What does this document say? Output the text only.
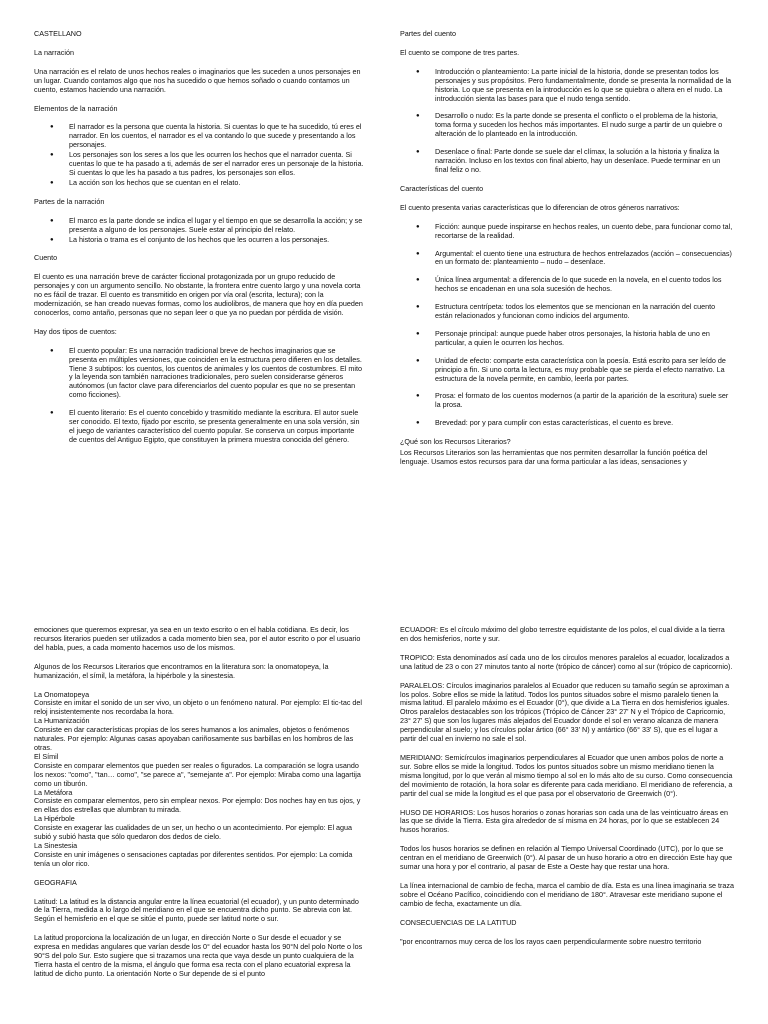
CASTELLANO
La narración

Una narración es el relato de unos hechos reales o imaginarios que les suceden a unos personajes en un lugar. Cuando contamos algo que nos ha sucedido o que hemos soñado o cuando contamos un cuento, estamos haciendo una narración.

Elementos de la narración
● El narrador es la persona que cuenta la historia. Si cuentas lo que te ha sucedido, tú eres el narrador. En los cuentos, el narrador es el va contando lo que sucede y presentando a los personajes.
● Los personajes son los seres a los que les ocurren los hechos que el narrador cuenta. Si cuentas lo que te ha pasado a ti, además de ser el narrador eres un personaje de la historia. Si cuentas lo que les ha pasado a tus padres, los personajes son ellos.
● La acción son los hechos que se cuentan en el relato.
Partes de la narración
● El marco es la parte donde se indica el lugar y el tiempo en que se desarrolla la acción; y se presenta a alguno de los personajes. Suele estar al principio del relato.
● La historia o trama es el conjunto de los hechos que les ocurren a los personajes.
Cuento

El cuento es una narración breve de carácter ficcional protagonizada por un grupo reducido de personajes y con un argumento sencillo. No obstante, la frontera entre cuento largo y una novela corta no es fácil de trazar. El cuento es transmitido en origen por vía oral (escrita, lectura); con la modernización, se han creado nuevas formas, como los audiolibros, de manera que hoy en día pueden conocerlos, como antaño, personas que no sepan leer o que ya no puedan por pérdida de visión.

Hay dos tipos de cuentos:
● El cuento popular: Es una narración tradicional breve de hechos imaginarios que se presenta en múltiples versiones, que coinciden en la estructura pero difieren en los detalles. Tiene 3 subtipos: los cuentos, los cuentos de animales y los cuentos de costumbres. El mito y la leyenda son también narraciones tradicionales, pero suelen considerarse géneros autónomos (un factor clave para diferenciarlos del cuento popular es que no se presentan como ficciones).
● El cuento literario: Es el cuento concebido y trasmitido mediante la escritura. El autor suele ser conocido. El texto, fijado por escrito, se presenta generalmente en una sola versión, sin el juego de variantes característico del cuento popular. Se conserva un corpus importante de cuentos del Antiguo Egipto, que constituyen la primera muestra conocida del género.
Partes del cuento

El cuento se compone de tres partes.

● Introducción o planteamiento: La parte inicial de la historia, donde se presentan todos los personajes y sus propósitos. Pero fundamentalmente, donde se presenta la normalidad de la historia. Lo que se presenta en la introducción es lo que se quiebra o altera en el nudo. La introducción sienta las bases para que el nudo tenga sentido.
● Desarrollo o nudo: Es la parte donde se presenta el conflicto o el problema de la historia, toma forma y suceden los hechos más importantes. El nudo surge a partir de un quiebre o alteración de lo planteado en la introducción.
● Desenlace o final: Parte donde se suele dar el clímax, la solución a la historia y finaliza la narración. Incluso en los textos con final abierto, hay un desenlace. Puede terminar en un final feliz o no.
Características del cuento

El cuento presenta varias características que lo diferencian de otros géneros narrativos:

● Ficción: aunque puede inspirarse en hechos reales, un cuento debe, para funcionar como tal, recortarse de la realidad.
● Argumental: el cuento tiene una estructura de hechos entrelazados (acción – consecuencias) en un formato de: planteamiento – nudo – desenlace.
● Única línea argumental: a diferencia de lo que sucede en la novela, en el cuento todos los hechos se encadenan en una sola sucesión de hechos.
● Estructura centrípeta: todos los elementos que se mencionan en la narración del cuento están relacionados y funcionan como indicios del argumento.
● Personaje principal: aunque puede haber otros personajes, la historia habla de uno en particular, a quien le ocurren los hechos.
● Unidad de efecto: comparte esta característica con la poesía. Está escrito para ser leído de principio a fin. Si uno corta la lectura, es muy probable que se pierda el efecto narrativo. La estructura de la novela permite, en cambio, leerla por partes.
● Prosa: el formato de los cuentos modernos (a partir de la aparición de la escritura) suele ser la prosa.
● Brevedad: por y para cumplir con estas características, el cuento es breve.
¿Qué son los Recursos Literarios?

Los Recursos Literarios son las herramientas que nos permiten desarrollar la función poética del lenguaje. Usamos estos recursos para dar una forma particular a las ideas, sensaciones y

emociones que queremos expresar, ya sea en un texto escrito o en el habla cotidiana. Es decir, los recursos literarios pueden ser utilizados a cada momento bien sea, por el autor escrito o por el usuario del habla, pues, a cada momento hacemos uso de los mismos.

Algunos de los Recursos Literarios que encontramos en la literatura son: la onomatopeya, la humanización, el símil, la metáfora, la hipérbole y la sinestesia.

La Onomatopeya

Consiste en imitar el sonido de un ser vivo, un objeto o un fenómeno natural. Por ejemplo: El tic-tac del reloj insistentemente nos recordaba la hora.

La Humanización

Consiste en dar características propias de los seres humanos a los animales, objetos o fenómenos naturales. Por ejemplo: Algunas casas apoyaban cariñosamente sus barbillas en los hombros de las otras.

El Símil

Consiste en comparar elementos que pueden ser reales o figurados. La comparación se logra usando los nexos: "como", "tan… como", "se parece a", "semejante a". Por ejemplo: Miraba como una lagartija como un tiburón.

La Metáfora

Consiste en comparar elementos, pero sin emplear nexos. Por ejemplo: Dos noches hay en tus ojos, y en ellas dos estrellas que alumbran tu mirada.

La Hipérbole

Consiste en exagerar las cualidades de un ser, un hecho o un acontecimiento. Por ejemplo: El agua subió y subió hasta que sólo quedaron dos dedos de cielo.

La Sinestesia

Consiste en unir imágenes o sensaciones captadas por diferentes sentidos. Por ejemplo: La comida tenía un olor rico.

GEOGRAFIA

Latitud: La latitud es la distancia angular entre la línea ecuatorial (el ecuador), y un punto determinado de la Tierra, medida a lo largo del meridiano en el que se encuentra dicho punto. Se abrevia con lat. Según el hemisferio en el que se sitúe el punto, puede ser latitud norte o sur.

La latitud proporciona la localización de un lugar, en dirección Norte o Sur desde el ecuador y se expresa en medidas angulares que varían desde los 0° del ecuador hasta los 90°N del polo Norte o los 90°S del polo Sur. Esto sugiere que si trazamos una recta que vaya desde un punto cualquiera de la Tierra hasta el centro de la misma, el ángulo que forma esa recta con el plano ecuatorial expresa la latitud de dicho punto. La orientación Norte o Sur depende de si el punto

ECUADOR: Es el círculo máximo del globo terrestre equidistante de los polos, el cual divide a la tierra en dos hemisferios, norte y sur.

TROPICO: Esta denominados así cada uno de los círculos menores paralelos al ecuador, localizados a una latitud de 23 o con 27 minutos tanto al norte (trópico de cáncer) como al sur (trópico de capricornio).

PARALELOS: Círculos imaginarios paralelos al Ecuador que reducen su tamaño según se aproximan a los polos. Sobre ellos se mide la latitud. Todos los puntos situados sobre el mismo paralelo tienen la misma latitud. El paralelo máximo es el Ecuador (0°), que divide a La Tierra en dos hemisferios iguales. Otros paralelos destacables son los trópicos (Trópico de Cáncer 23° 27' N y el Trópico de Capricornio, 23° 27' S) que son los lugares más alejados del Ecuador donde el sol en verano alcanza de manera perpendicular al suelo; y los círculos polar ártico (66° 33' N) y antártico (66° 33' S), que es el lugar a partir del cual en invierno no sale el sol.

MERIDIANO: Semicírculos imaginarios perpendiculares al Ecuador que unen ambos polos de norte a sur. Sobre ellos se mide la longitud. Todos los puntos situados sobre un mismo meridiano tienen la misma longitud, por lo que verán al mismo tiempo al sol en lo más alto de su curso. Como consecuencia del movimiento de rotación, la hora solar es diferente para cada meridiano. El meridiano de referencia, a partir del cual se mide la longitud es el que pasa por el observatorio de Greenwich (0°).

HUSO DE HORARIOS: Los husos horarios o zonas horarias son cada una de las veinticuatro áreas en las que se divide la Tierra. Esta gira alrededor de sí misma en 24 horas, por lo que se establecen 24 husos horarios.

Todos los husos horarios se definen en relación al Tiempo Universal Coordinado (UTC), por lo que se centran en el meridiano de Greenwich (0°). Al pasar de un huso horario a otro en dirección Este hay que sumar una hora y por el contrario, al pasar de Este a Oeste hay que restar una hora.

La línea internacional de cambio de fecha, marca el cambio de día. Esta es una línea imaginaria se traza sobre el Océano Pacífico, coincidiendo con el meridiano de 180°. Atravesar este meridiano supone el cambio de fecha, exactamente un día.

CONSECUENCIAS DE LA LATITUD

"por encontrarnos muy cerca de los los rayos caen perpendicularmente sobre nuestro territorio
